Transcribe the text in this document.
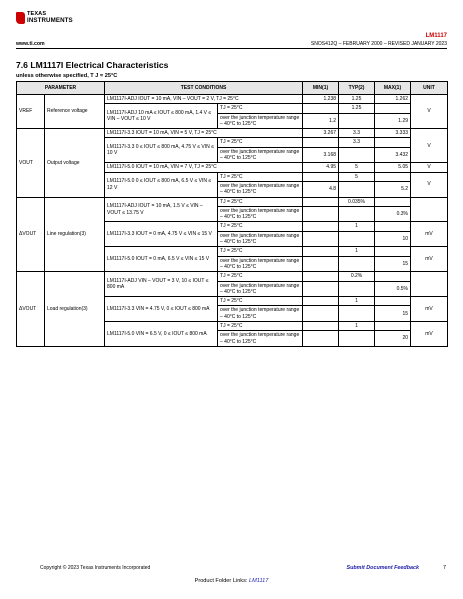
TEXAS
INSTRUMENTS
www.ti.com
LM1117
SNOS412Q – FEBRUARY 2000 – REVISED JANUARY 2023
7.6 LM1117I Electrical Characteristics
unless otherwise specified, T J = 25°C
PARAMETER		TEST CONDITIONS		MIN(1)	TYP(2)	MAX(1)	UNIT
VREF	Reference voltage	LM1117I-ADJ IOUT = 10 mA, VIN – VOUT = 2 V, TJ = 25°C		1.238	1.25	1.262	V
		LM1117I-ADJ 10 mA ≤ IOUT ≤ 800 mA, 1.4 V ≤ VIN – VOUT ≤ 10 V	TJ = 25°C		1.25		
			over the junction temperature range – 40°C to 125°C	1.2		1.29	
VOUT	Output voltage	LM1117I-3.3 IOUT = 10 mA, VIN = 5 V, TJ = 25°C		3.267	3.3	3.333	V
		LM1117I-3.3 0 ≤ IOUT ≤ 800 mA, 4.75 V ≤ VIN ≤ 10 V	TJ = 25°C		3.3		
			over the junction temperature range – 40°C to 125°C	3.168		3.432	
		LM1117I-5.0 IOUT = 10 mA, VIN = 7 V, TJ = 25°C		4.95	5	5.05	V
		LM1117I-5.0 0 ≤ IOUT ≤ 800 mA, 6.5 V ≤ VIN ≤ 12 V	TJ = 25°C		5		V
			over the junction temperature range – 40°C to 125°C	4.8		5.2	
ΔVOUT	Line regulation(3)	LM1117I-ADJ IOUT = 10 mA, 1.5 V ≤ VIN – VOUT ≤ 13.75 V	TJ = 25°C		0.035%		
			over the junction temperature range – 40°C to 125°C			0.3%	
		LM1117I-3.3 IOUT = 0 mA, 4.75 V ≤ VIN ≤ 15 V	TJ = 25°C		1		mV
			over the junction temperature range – 40°C to 125°C			10	
		LM1117I-5.0 IOUT = 0 mA, 6.5 V ≤ VIN ≤ 15 V	TJ = 25°C		1		mV
			over the junction temperature range – 40°C to 125°C			15	
ΔVOUT	Load regulation(3)	LM1117I-ADJ VIN – VOUT = 3 V, 10 ≤ IOUT ≤ 800 mA	TJ = 25°C		0.2%		
			over the junction temperature range – 40°C to 125°C			0.5%	
		LM1117I-3.3 VIN = 4.75 V, 0 ≤ IOUT ≤ 800 mA	TJ = 25°C		1		mV
			over the junction temperature range – 40°C to 125°C			15	
		LM1117I-5.0 VIN = 6.5 V, 0 ≤ IOUT ≤ 800 mA	TJ = 25°C		1		mV
			over the junction temperature range – 40°C to 125°C			20	
Copyright © 2023 Texas Instruments Incorporated	Submit Document Feedback	7
Product Folder Links: LM1117
